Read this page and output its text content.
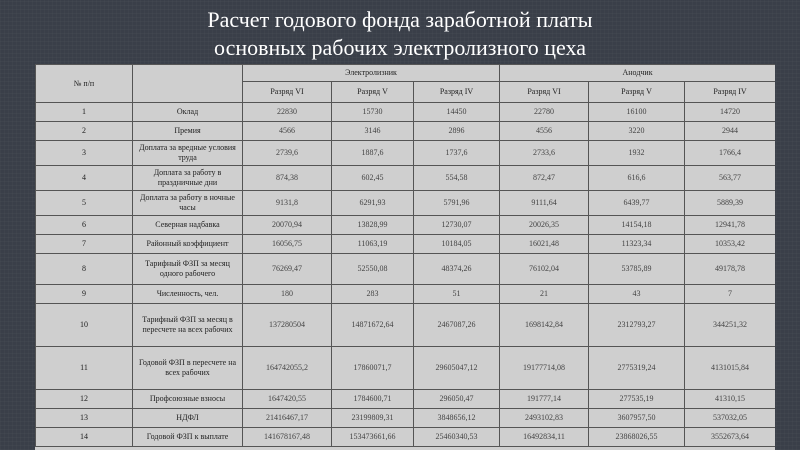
Расчет годового фонда заработной платы
основных рабочих электролизного цеха
№ п/п		Электролизник			Анодчик		
		Разряд VI	Разряд V	Разряд IV	Разряд VI	Разряд V	Разряд IV
1	Оклад	22830	15730	14450	22780	16100	14720
2	Премия	4566	3146	2896	4556	3220	2944
3	Доплата за вредные условия труда	2739,6	1887,6	1737,6	2733,6	1932	1766,4
4	Доплата за работу в праздничные дни	874,38	602,45	554,58	872,47	616,6	563,77
5	Доплата за работу в ночные часы	9131,8	6291,93	5791,96	9111,64	6439,77	5889,39
6	Северная надбавка	20070,94	13828,99	12730,07	20026,35	14154,18	12941,78
7	Районный коэффициент	16056,75	11063,19	10184,05	16021,48	11323,34	10353,42
8	Тарифный ФЗП за месяц одного рабочего	76269,47	52550,08	48374,26	76102,04	53785,89	49178,78
9	Численность, чел.	180	283	51	21	43	7
10	Тарифный ФЗП за месяц в пересчете на всех рабочих	137280504	14871672,64	2467087,26	1698142,84	2312793,27	344251,32
11	Годовой ФЗП в пересчете на всех рабочих	164742055,2	17860071,7	29605047,12	19177714,08	2775319,24	4131015,84
12	Профсоюзные взносы	1647420,55	1784600,71	296050,47	191777,14	277535,19	41310,15
13	НДФЛ	21416467,17	23199809,31	3848656,12	2493102,83	3607957,50	537032,05
14	Годовой ФЗП к выплате	141678167,48	153473661,66	25460340,53	16492834,11	23868026,55	3552673,64
